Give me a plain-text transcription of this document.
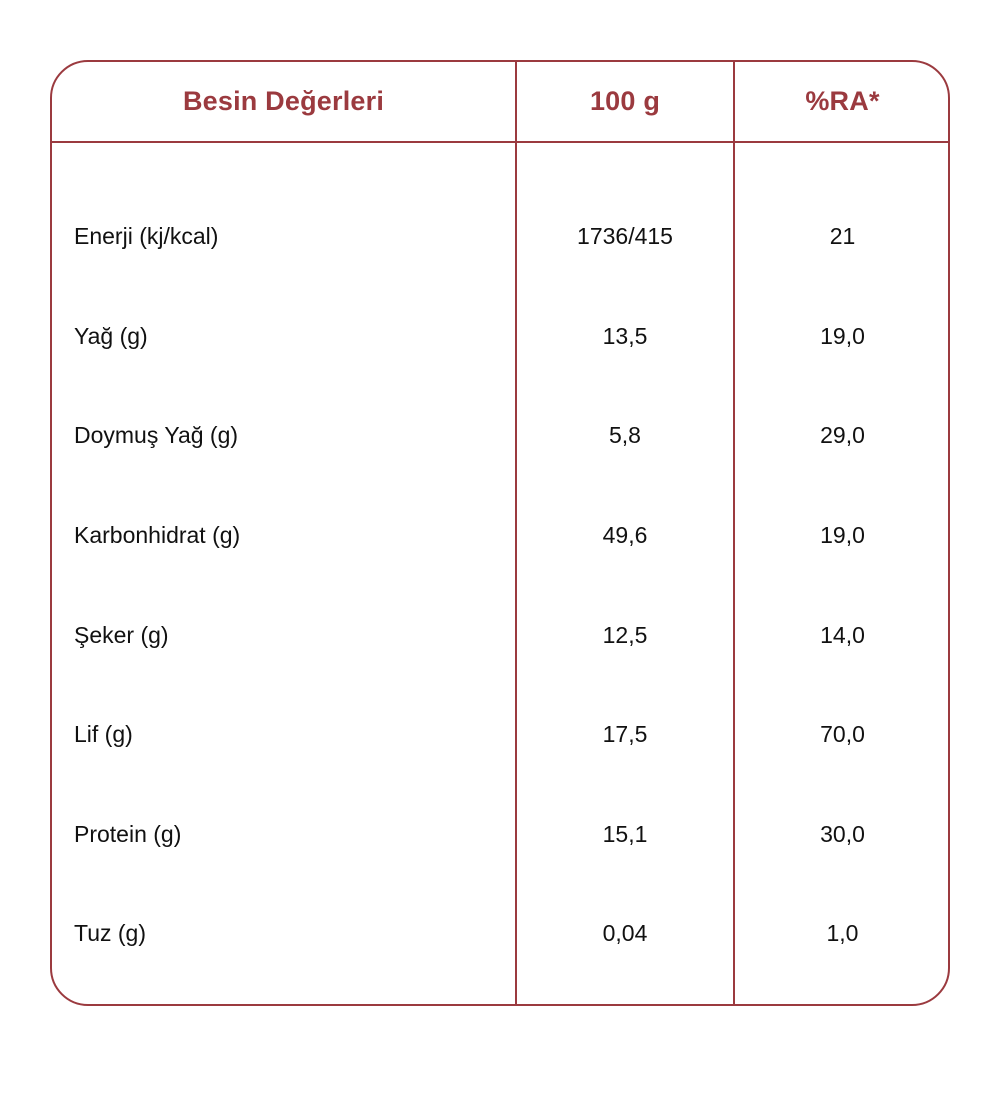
Besin Değerleri	100 g	%RA*
Enerji (kj/kcal)	1736/415	21
Yağ (g)	13,5	19,0
Doymuş Yağ (g)	5,8	29,0
Karbonhidrat (g)	49,6	19,0
Şeker (g)	12,5	14,0
Lif (g)	17,5	70,0
Protein (g)	15,1	30,0
Tuz (g)	0,04	1,0
